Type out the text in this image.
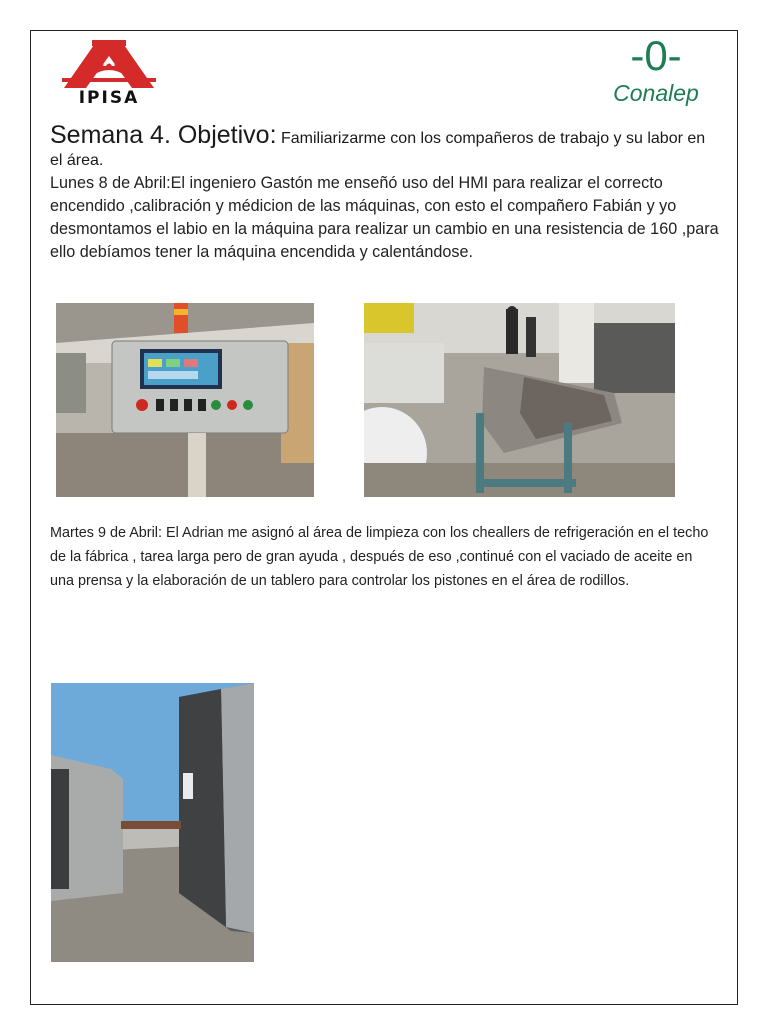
IPISA
-0-
Conalep

Semana 4. Objetivo: Familiarizarme con los compañeros de trabajo y su labor en el área.

Lunes 8 de Abril:El ingeniero Gastón me enseñó uso del HMI para realizar el correcto encendido ,calibración y médicion de las máquinas, con esto el compañero Fabián y yo desmontamos el labio en la máquina para realizar un cambio en una resistencia de 160 ,para ello debíamos tener la máquina encendida y calentándose.

Martes 9 de Abril: El Adrian me asignó al área de limpieza con los cheallers de refrigeración en el techo de la fábrica , tarea larga pero de gran ayuda , después de eso ,continué con el vaciado de aceite en una prensa y la elaboración de un tablero para controlar los pistones en el área de rodillos.
